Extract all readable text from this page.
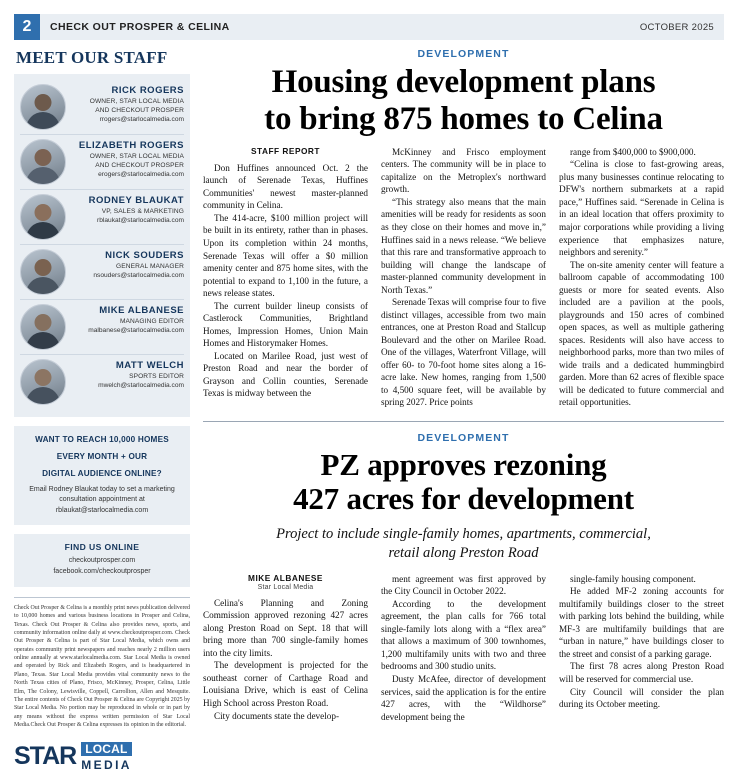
2	CHECK OUT PROSPER & CELINA	OCTOBER 2025
MEET OUR STAFF
RICK ROGERS
OWNER, STAR LOCAL MEDIA
AND CHECKOUT PROSPER
rrogers@starlocalmedia.com
ELIZABETH ROGERS
OWNER, STAR LOCAL MEDIA
AND CHECKOUT PROSPER
erogers@starlocalmedia.com
RODNEY BLAUKAT
VP, SALES & MARKETING
rblaukat@starlocalmedia.com
NICK SOUDERS
GENERAL MANAGER
nsouders@starlocalmedia.com
MIKE ALBANESE
MANAGING EDITOR
malbanese@starlocalmedia.com
MATT WELCH
SPORTS EDITOR
mwelch@starlocalmedia.com
WANT TO REACH 10,000 HOMES
EVERY MONTH + OUR
DIGITAL AUDIENCE ONLINE?
Email Rodney Blaukat today to set a marketing consultation appointment at rblaukat@starlocalmedia.com
FIND US ONLINE
checkoutprosper.com
facebook.com/checkoutprosper
Check Out Prosper & Celina is a monthly print news publication delivered to 10,000 homes and various business locations in Prosper and Celina, Texas. Check Out Prosper & Celina also provides news, sports, and community information online daily at www.checkoutprosper.com. Check Out Prosper & Celina is part of Star Local Media, which owns and operates community print newspapers and reaches nearly 2 million users online annually at www.starlocalmedia.com. Star Local Media is owned and operated by Rick and Elizabeth Rogers, and is headquartered in Plano, Texas. Star Local Media provides vital community news to the North Texas cities of Plano, Frisco, McKinney, Prosper, Celina, Little Elm, The Colony, Lewisville, Coppell, Carrollton, Allen and Mesquite. The entire contents of Check Out Prosper & Celina are Copyright 2025 by Star Local Media. No portion may be reproduced in whole or in part by any means without the express written permission of Star Local Media.Check Out Prosper & Celina expresses its opinion in the editorial.
STAR LOCAL
MEDIA
DEVELOPMENT
Housing development plans
to bring 875 homes to Celina
STAFF REPORT

Don Huffines announced Oct. 2 the launch of Serenade Texas, Huffines Communities' newest master-planned community in Celina.

The 414-acre, $100 million project will be built in its entirety, rather than in phases. Upon its completion within 24 months, Serenade Texas will offer a $0 million amenity center and 875 home sites, with the potential to expand to 1,100 in the future, a news release states.

The current builder lineup consists of Castlerock Communities, Brightland Homes, Impression Homes, Union Main Homes and Historymaker Homes.

Located on Marilee Road, just west of Preston Road and near the border of Grayson and Collin counties, Serenade Texas is midway between the

McKinney and Frisco employment centers. The community will be in place to capitalize on the Metroplex's northward growth.

“This strategy also means that the main amenities will be ready for residents as soon as they close on their homes and move in,” Huffines said in a news release. “We believe that this rare and transformative approach to building will change the landscape of master-planned community development in North Texas.”

Serenade Texas will comprise four to five distinct villages, accessible from two main entrances, one at Preston Road and Stallcup Boulevard and the other on Marilee Road. One of the villages, Waterfront Village, will offer 60- to 70-foot home sites along a 16-acre lake. New homes, ranging from 1,500 to 4,500 square feet, will be available by spring 2027. Price points

range from $400,000 to $900,000.

“Celina is close to fast-growing areas, plus many businesses continue relocating to DFW's northern submarkets at a rapid pace,” Huffines said. “Serenade in Celina is in an ideal location that offers proximity to major corporations while providing a living experience that emphasizes nature, neighbors and serenity.”

The on-site amenity center will feature a ballroom capable of accommodating 100 guests or more for seated events. Also included are a pavilion at the pools, playgrounds and 150 acres of combined open spaces, as well as multiple gathering spaces. Residents will also have access to neighborhood parks, more than two miles of wide trails and a dedicated hummingbird garden. More than 62 acres of flexible space will be dedicated to future commercial and retail opportunities.

DEVELOPMENT
PZ approves rezoning
427 acres for development
Project to include single-family homes, apartments, commercial,
retail along Preston Road
MIKE ALBANESE
Star Local Media

Celina's Planning and Zoning Commission approved rezoning 427 acres along Preston Road on Sept. 18 that will bring more than 700 single-family homes into the city limits.

The development is projected for the southeast corner of Carthage Road and Louisiana Drive, which is east of Celina High School across Preston Road.

City documents state the develop-

ment agreement was first approved by the City Council in October 2022.

According to the development agreement, the plan calls for 766 total single-family lots along with a “flex area” that allows a maximum of 300 townhomes, 1,200 multifamily units with two and three bedrooms and 300 studio units.

Dusty McAfee, director of development services, said the application is for the entire 427 acres, with the “Wildhorse” development being the

single-family housing component.

He added MF-2 zoning accounts for multifamily buildings closer to the street with parking lots behind the building, while MF-3 are multifamily buildings that are “urban in nature,” have buildings closer to the street and consist of a parking garage.

The first 78 acres along Preston Road will be reserved for commercial use.

City Council will consider the plan during its October meeting.
